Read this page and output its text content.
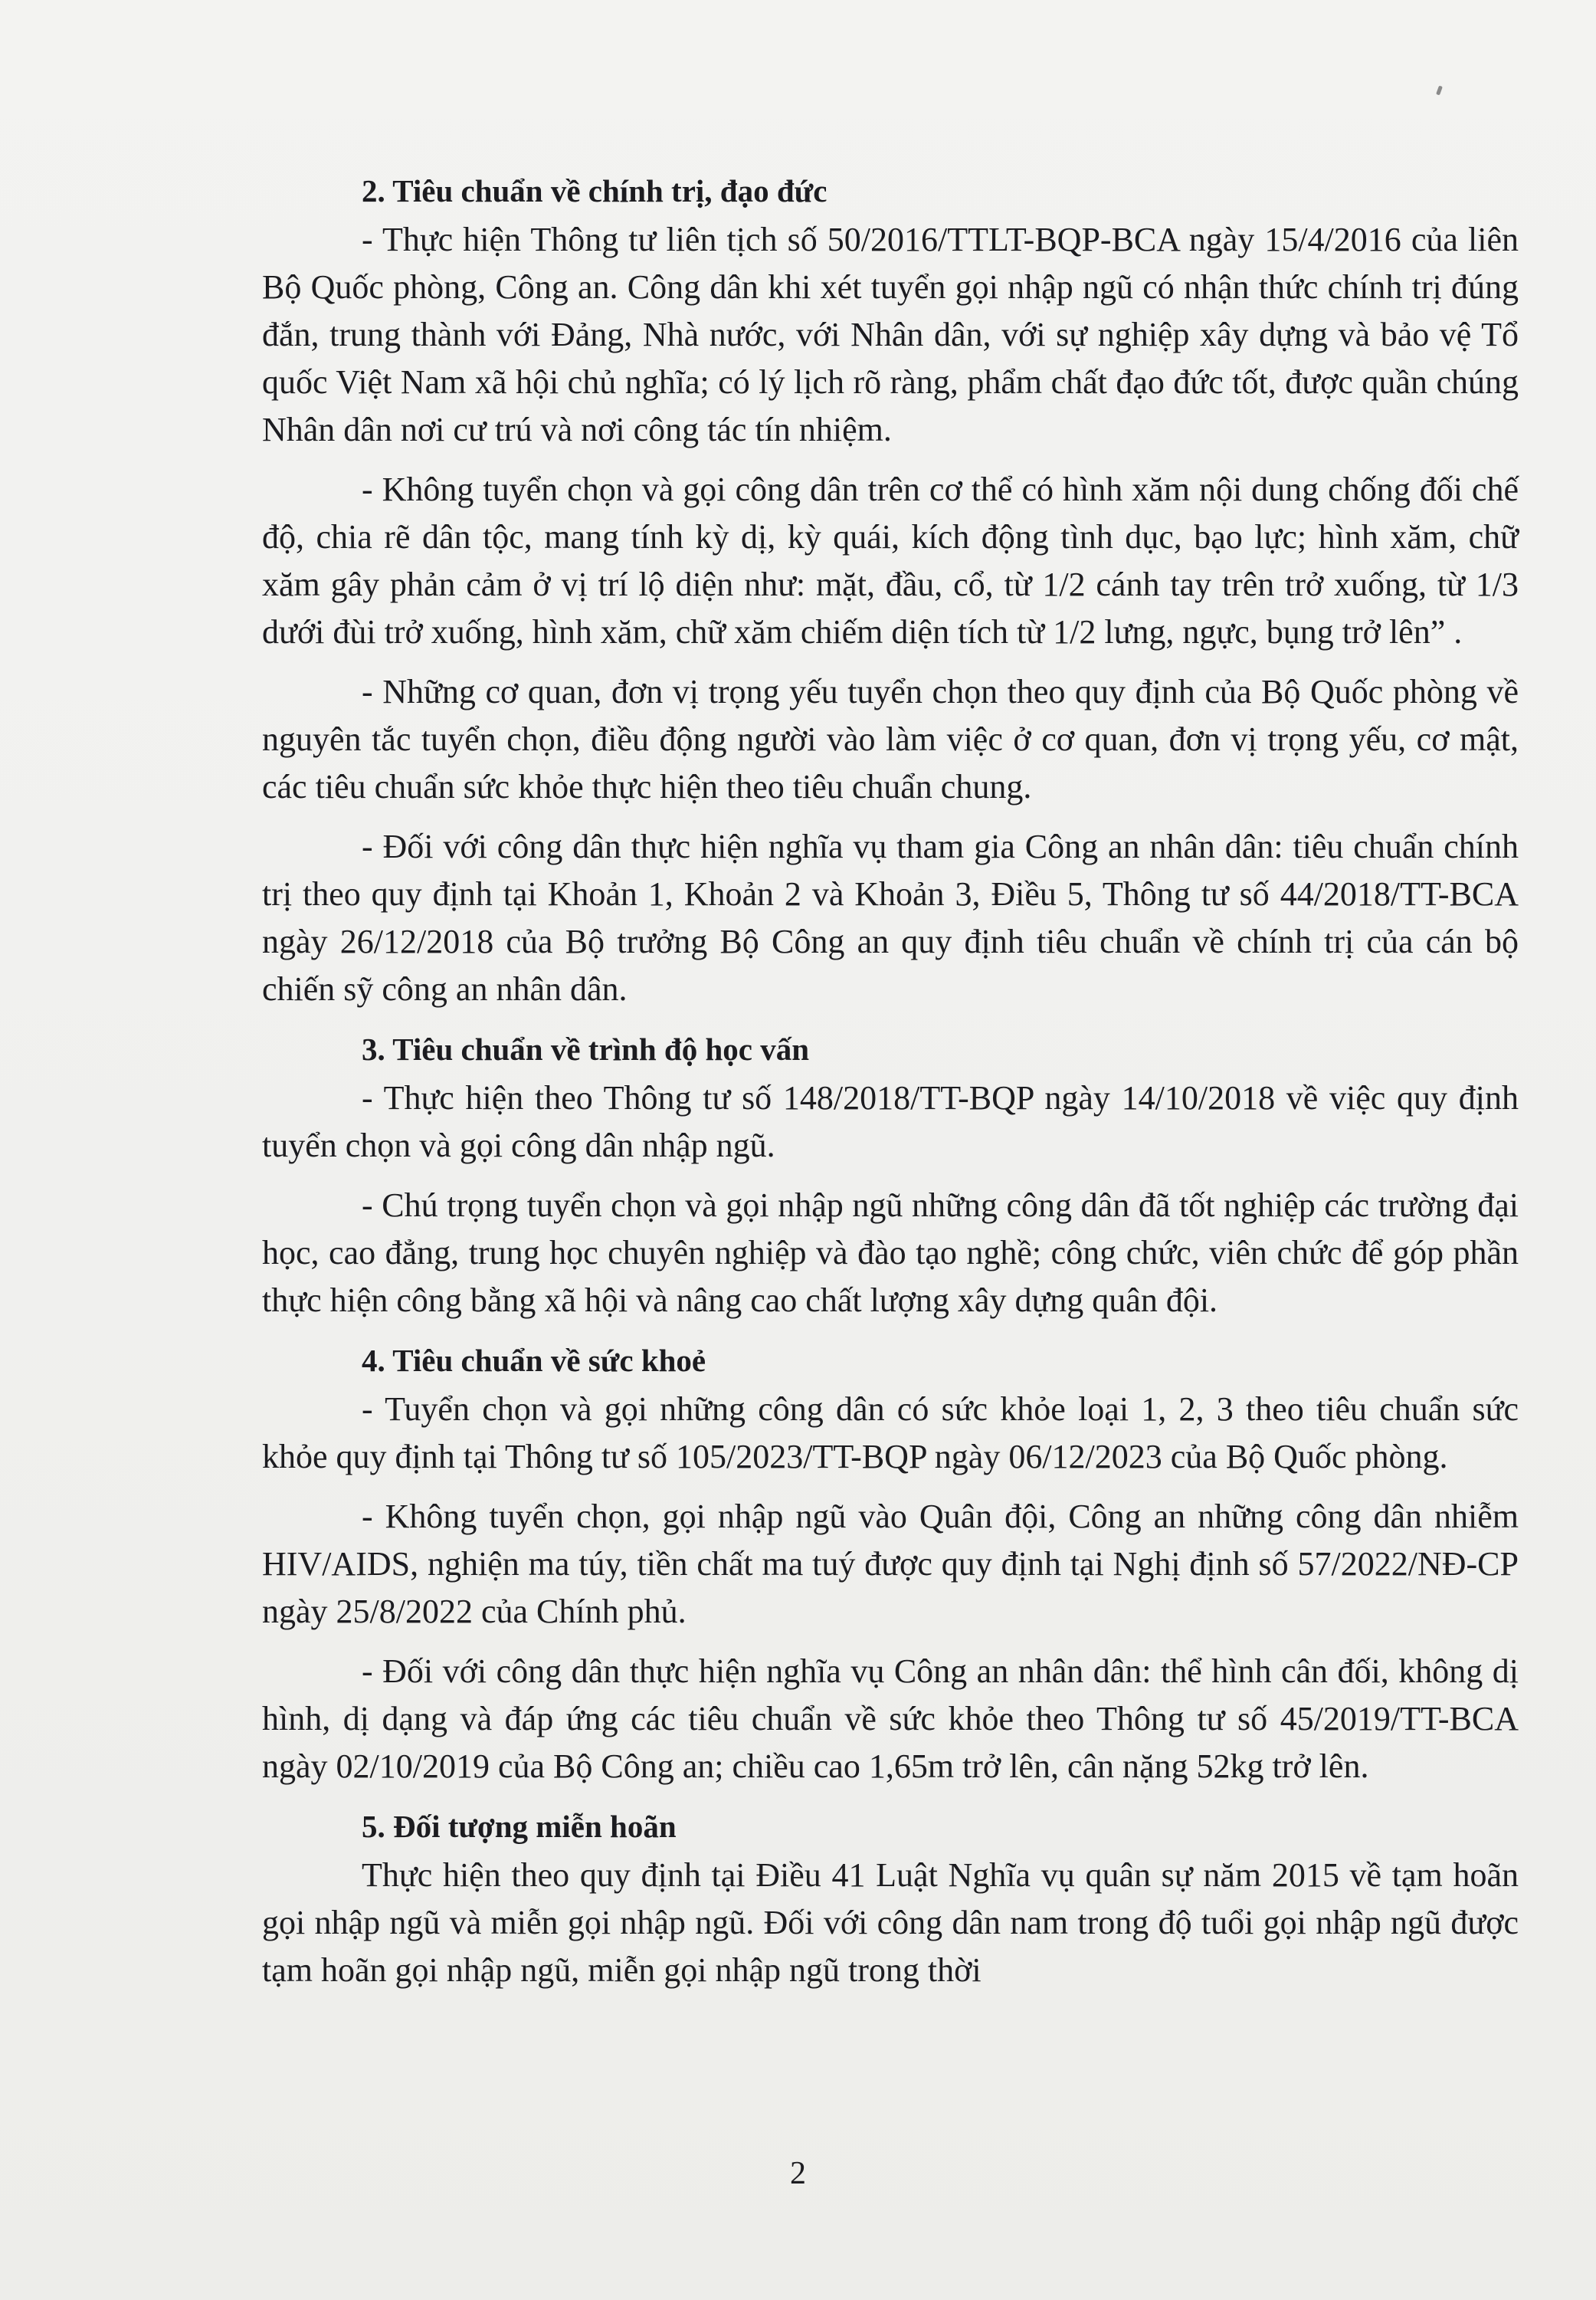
2. Tiêu chuẩn về chính trị, đạo đức

- Thực hiện Thông tư liên tịch số 50/2016/TTLT-BQP-BCA ngày 15/4/2016 của liên Bộ Quốc phòng, Công an. Công dân khi xét tuyển gọi nhập ngũ có nhận thức chính trị đúng đắn, trung thành với Đảng, Nhà nước, với Nhân dân, với sự nghiệp xây dựng và bảo vệ Tổ quốc Việt Nam xã hội chủ nghĩa; có lý lịch rõ ràng, phẩm chất đạo đức tốt, được quần chúng Nhân dân nơi cư trú và nơi công tác tín nhiệm.

- Không tuyển chọn và gọi công dân trên cơ thể có hình xăm nội dung chống đối chế độ, chia rẽ dân tộc, mang tính kỳ dị, kỳ quái, kích động tình dục, bạo lực; hình xăm, chữ xăm gây phản cảm ở vị trí lộ diện như: mặt, đầu, cổ, từ 1/2 cánh tay trên trở xuống, từ 1/3 dưới đùi trở xuống, hình xăm, chữ xăm chiếm diện tích từ 1/2 lưng, ngực, bụng trở lên” .

- Những cơ quan, đơn vị trọng yếu tuyển chọn theo quy định của Bộ Quốc phòng về nguyên tắc tuyển chọn, điều động người vào làm việc ở cơ quan, đơn vị trọng yếu, cơ mật, các tiêu chuẩn sức khỏe thực hiện theo tiêu chuẩn chung.

- Đối với công dân thực hiện nghĩa vụ tham gia Công an nhân dân: tiêu chuẩn chính trị theo quy định tại Khoản 1, Khoản 2 và Khoản 3, Điều 5, Thông tư số 44/2018/TT-BCA ngày 26/12/2018 của Bộ trưởng Bộ Công an quy định tiêu chuẩn về chính trị của cán bộ chiến sỹ công an nhân dân.

3. Tiêu chuẩn về trình độ học vấn

- Thực hiện theo Thông tư số 148/2018/TT-BQP ngày 14/10/2018 về việc quy định tuyển chọn và gọi công dân nhập ngũ.

- Chú trọng tuyển chọn và gọi nhập ngũ những công dân đã tốt nghiệp các trường đại học, cao đẳng, trung học chuyên nghiệp và đào tạo nghề; công chức, viên chức để góp phần thực hiện công bằng xã hội và nâng cao chất lượng xây dựng quân đội.

4. Tiêu chuẩn về sức khoẻ

- Tuyển chọn và gọi những công dân có sức khỏe loại 1, 2, 3 theo tiêu chuẩn sức khỏe quy định tại Thông tư số 105/2023/TT-BQP ngày 06/12/2023 của Bộ Quốc phòng.

- Không tuyển chọn, gọi nhập ngũ vào Quân đội, Công an những công dân nhiễm HIV/AIDS, nghiện ma túy, tiền chất ma tuý được quy định tại Nghị định số 57/2022/NĐ-CP ngày 25/8/2022 của Chính phủ.

- Đối với công dân thực hiện nghĩa vụ Công an nhân dân: thể hình cân đối, không dị hình, dị dạng và đáp ứng các tiêu chuẩn về sức khỏe theo Thông tư số 45/2019/TT-BCA ngày 02/10/2019 của Bộ Công an; chiều cao 1,65m trở lên, cân nặng 52kg trở lên.

5. Đối tượng miễn hoãn

Thực hiện theo quy định tại Điều 41 Luật Nghĩa vụ quân sự năm 2015 về tạm hoãn gọi nhập ngũ và miễn gọi nhập ngũ. Đối với công dân nam trong độ tuổi gọi nhập ngũ được tạm hoãn gọi nhập ngũ, miễn gọi nhập ngũ trong thời

2
